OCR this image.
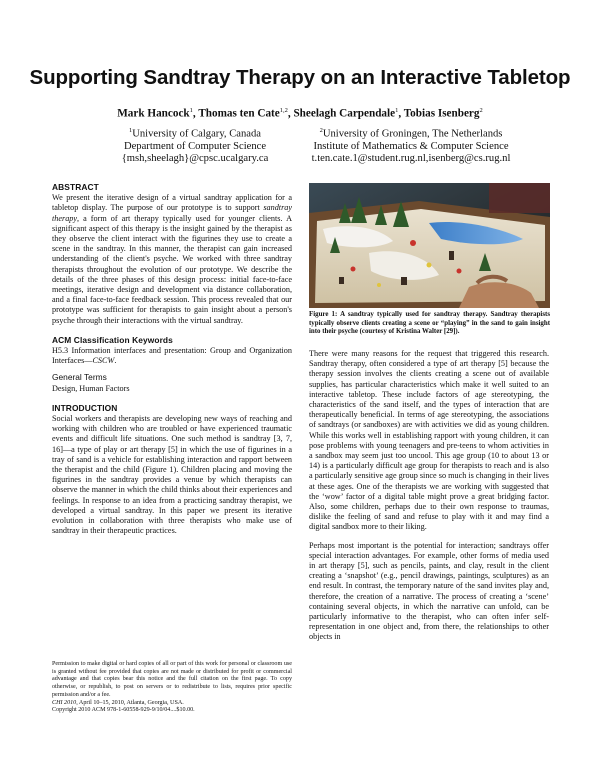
Supporting Sandtray Therapy on an Interactive Tabletop
Mark Hancock$^1$, Thomas ten Cate$^{1,2}$, Sheelagh Carpendale$^1$, Tobias Isenberg$^2$
$^1$University of Calgary, Canada
Department of Computer Science
{msh,sheelagh}@cpsc.ucalgary.ca
$^2$University of Groningen, The Netherlands
Institute of Mathematics & Computer Science
t.ten.cate.1@student.rug.nl,isenberg@cs.rug.nl
ABSTRACT

We present the iterative design of a virtual sandtray application for a tabletop display. The purpose of our prototype is to support sandtray therapy, a form of art therapy typically used for younger clients. A significant aspect of this therapy is the insight gained by the therapist as they observe the client interact with the figurines they use to create a scene in the sandtray. In this manner, the therapist can gain increased understanding of the client's psyche. We worked with three sandtray therapists throughout the evolution of our prototype. We describe the details of the three phases of this design process: initial face-to-face meetings, iterative design and development via distance collaboration, and a final face-to-face feedback session. This process revealed that our prototype was sufficient for therapists to gain insight about a person's psyche through their interactions with the virtual sandtray.

ACM Classification Keywords

H5.3 Information interfaces and presentation: Group and Organization Interfaces—CSCW.

General Terms

Design, Human Factors

INTRODUCTION

Social workers and therapists are developing new ways of reaching and working with children who are troubled or have experienced traumatic events and difficult life situations. One such method is sandtray [3, 7, 16]—a type of play or art therapy [5] in which the use of figurines in a tray of sand is a vehicle for establishing interaction and rapport between the therapist and the child (Figure 1). Children placing and moving the figurines in the sandtray provides a venue by which therapists can observe the manner in which the child thinks about their experiences and feelings. In response to an idea from a practicing sandtray therapist, we developed a virtual sandtray. In this paper we present its iterative evolution in collaboration with three therapists who make use of sandtray in their therapeutic practices.

Permission to make digital or hard copies of all or part of this work for personal or classroom use is granted without fee provided that copies are not made or distributed for profit or commercial advantage and that copies bear this notice and the full citation on the first page. To copy otherwise, or republish, to post on servers or to redistribute to lists, requires prior specific permission and/or a fee.

CHI 2010, April 10–15, 2010, Atlanta, Georgia, USA.

Copyright 2010 ACM 978-1-60558-929-9/10/04....$10.00.

Figure 1: A sandtray typically used for sandtray therapy. Sandtray therapists typically observe clients creating a scene or “playing” in the sand to gain insight into their psyche (courtesy of Kristina Walter [29]).

There were many reasons for the request that triggered this research. Sandtray therapy, often considered a type of art therapy [5] because the therapy session involves the clients creating a scene out of available supplies, has particular characteristics which make it well suited to an interactive tabletop. These include factors of age stereotyping, the characteristics of the sand itself, and the types of interaction that are therapeutically beneficial. In terms of age stereotyping, the associations of sandtrays (or sandboxes) are with activities we did as young children. While this works well in establishing rapport with young children, it can pose problems with young teenagers and pre-teens to whom activities in a sandbox may seem just too uncool. This age group (10 to about 13 or 14) is a particularly difficult age group for therapists to reach and is also a particularly sensitive age group since so much is changing in their lives at these ages. One of the therapists we are working with suggested that the ‘wow’ factor of a digital table might prove a great bridging factor. Also, some children, perhaps due to their own response to traumas, dislike the feeling of sand and refuse to play with it and may find a digital sandbox more to their liking.

Perhaps most important is the potential for interaction; sandtrays offer special interaction advantages. For example, other forms of media used in art therapy [5], such as pencils, paints, and clay, result in the client creating a ‘snapshot’ (e.g., pencil drawings, paintings, sculptures) as an end result. In contrast, the temporary nature of the sand invites play and, therefore, the creation of a narrative. The process of creating a ‘scene’ containing several objects, in which the narrative can unfold, can be particularly informative to the therapist, who can often infer self-representation in one object and, from there, the relationships to other objects in
